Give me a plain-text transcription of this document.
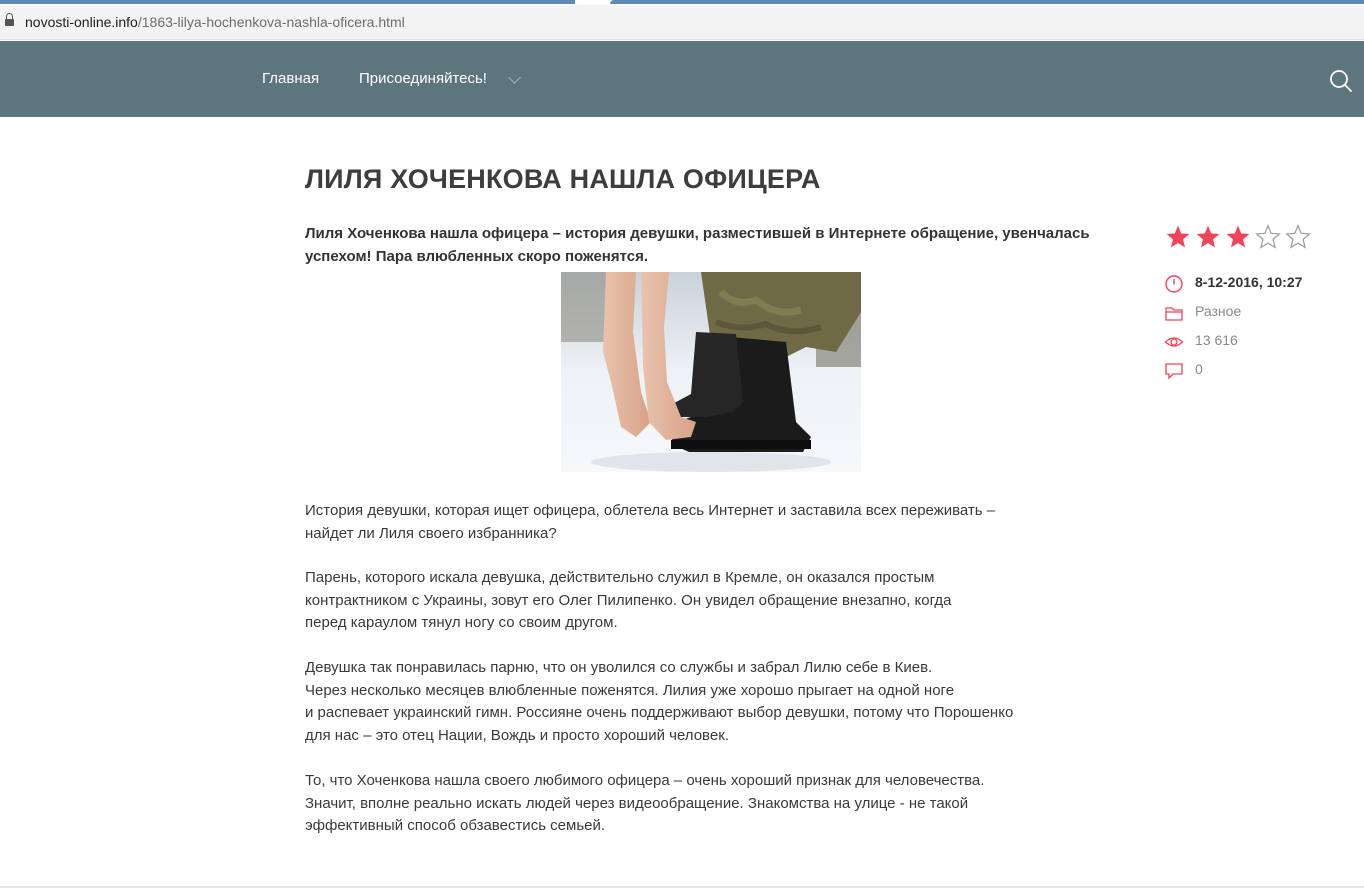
novosti-online.info/1863-lilya-hochenkova-nashla-oficera.html
Главная	Присоединяйтесь!
ЛИЛЯ ХОЧЕНКОВА НАШЛА ОФИЦЕРА

Лиля Хоченкова нашла офицера – история девушки, разместившей в Интернете обращение, увенчалась успехом! Пара влюбленных скоро поженятся.

История девушки, которая ищет офицера, облетела весь Интернет и заставила всех переживать –
найдет ли Лиля своего избранника?
Парень, которого искала девушка, действительно служил в Кремле, он оказался простым
контрактником с Украины, зовут его Олег Пилипенко. Он увидел обращение внезапно, когда
перед караулом тянул ногу со своим другом.
Девушка так понравилась парню, что он уволился со службы и забрал Лилю себе в Киев.
Через несколько месяцев влюбленные поженятся. Лилия уже хорошо прыгает на одной ноге
и распевает украинский гимн. Россияне очень поддерживают выбор девушки, потому что Порошенко
для нас – это отец Нации, Вождь и просто хороший человек.
То, что Хоченкова нашла своего любимого офицера – очень хороший признак для человечества.
Значит, вполне реально искать людей через видеообращение. Знакомства на улице - не такой
эффективный способ обзавестись семьей.
8-12-2016, 10:27
Разное
13 616
0
